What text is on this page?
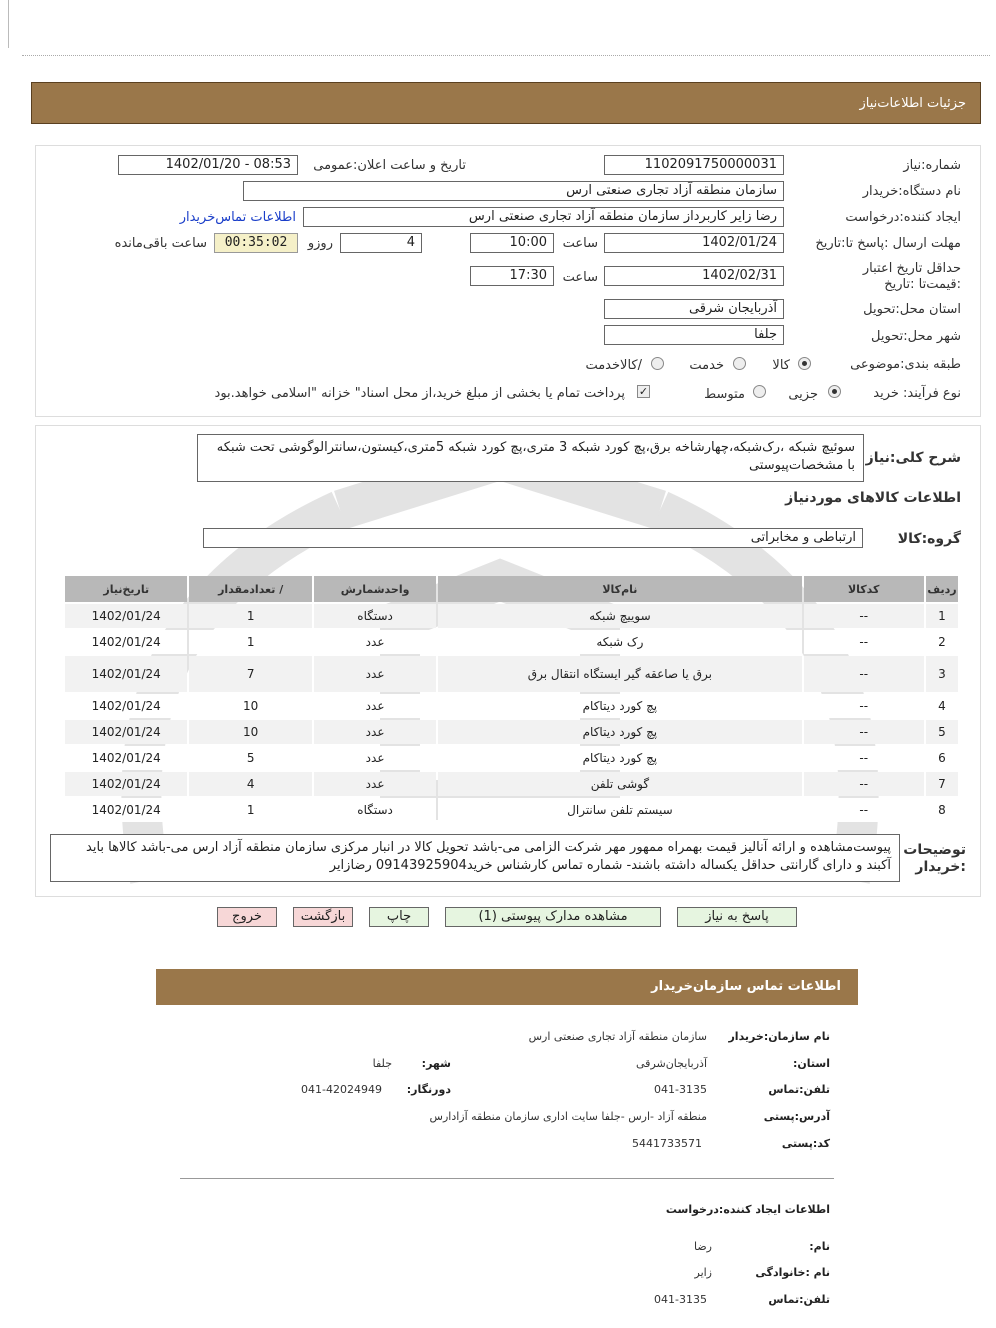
جزئیات اطلاعات‌نیاز
شماره:نیاز
1102091750000031
تاریخ و ساعت اعلان:عمومی
1402/01/20 - 08:53
نام دستگاه:خریدار
سازمان منطقه آزاد تجاری صنعتی ارس
ایجاد کننده:درخواست
رضا زایر کاربرداز سازمان منطقه آزاد تجاری صنعتی ارس
اطلاعات تماس‌خریدار
مهلت ارسال :پاسخ تا:تاریخ
1402/01/24
ساعت
10:00
4
روزو
00:35:02
ساعت باقی‌مانده
حداقل تاریخ اعتبار :قیمت‌تا :تاریخ
1402/02/31
ساعت
17:30
استان محل:تحویل
آذربایجان شرقی
شهر محل:تحویل
جلفا
طبقه بندی:موضوعی
کالا
خدمت
/کالاخدمت
نوع فرآیند: خرید
جزیی
متوسط
✓
پرداخت تمام یا بخشی از مبلغ خرید،از محل اسناد" خزانه "اسلامی خواهد.بود
شرح کلی:نیاز
سوئیچ شبکه ،رک‌شبکه،چهارشاخه برق،پچ کورد شبکه 3 متری،پچ کورد شبکه 5متری،کیستون،سانترالوگوشی تحت شبکه با مشخصات‌پیوستی
اطلاعات کالاهای موردنیاز
گروه:کالا
ارتباطی و مخابراتی
ردیف	کدکالا	نام‌کالا	واحدشمارش	/ تعدادمقدار	تاریخ‌نیاز
1	--	سوییچ شبکه	دستگاه	1	1402/01/24
2	--	رک شبکه	عدد	1	1402/01/24
3	--	برق یا صاعقه گیر ایستگاه انتقال برق	عدد	7	1402/01/24
4	--	پچ کورد دیتاکام	عدد	10	1402/01/24
5	--	پچ کورد دیتاکام	عدد	10	1402/01/24
6	--	پچ کورد دیتاکام	عدد	5	1402/01/24
7	--	گوشی تلفن	عدد	4	1402/01/24
8	--	سیستم تلفن سانترال	دستگاه	1	1402/01/24
توضیحات :خریدار
پیوست‌مشاهده و ارائه آنالیز قیمت بهمراه ممهور مهر شرکت الزامی می-باشد تحویل کالا در انبار مرکزی سازمان منطقه آزاد ارس می-باشد کالاها باید آکبند و دارای گارانتی حداقل یکساله داشته باشند- شماره تماس کارشناس خرید09143925904 رضازایر
پاسخ به نیاز
مشاهده مدارک پیوستی (1)
چاپ
بازگشت
خروج
اطلاعات تماس سازمان‌خریدار
نام سازمان:خریدار
سازمان منطقه آزاد تجاری صنعتی ارس
استان:
آذربایجان‌شرقی
شهر:
جلفا
تلفن:تماس
041-3135
دورنگار:
041-42024949
آدرس:پستی
منطقه آزاد -ارس -جلفا سایت اداری سازمان منطقه آزادارس
کد:پستی
5441733571
اطلاعات ایجاد کننده:درخواست
نام:
رضا
نام :خانوادگی
زایر
تلفن:تماس
041-3135
